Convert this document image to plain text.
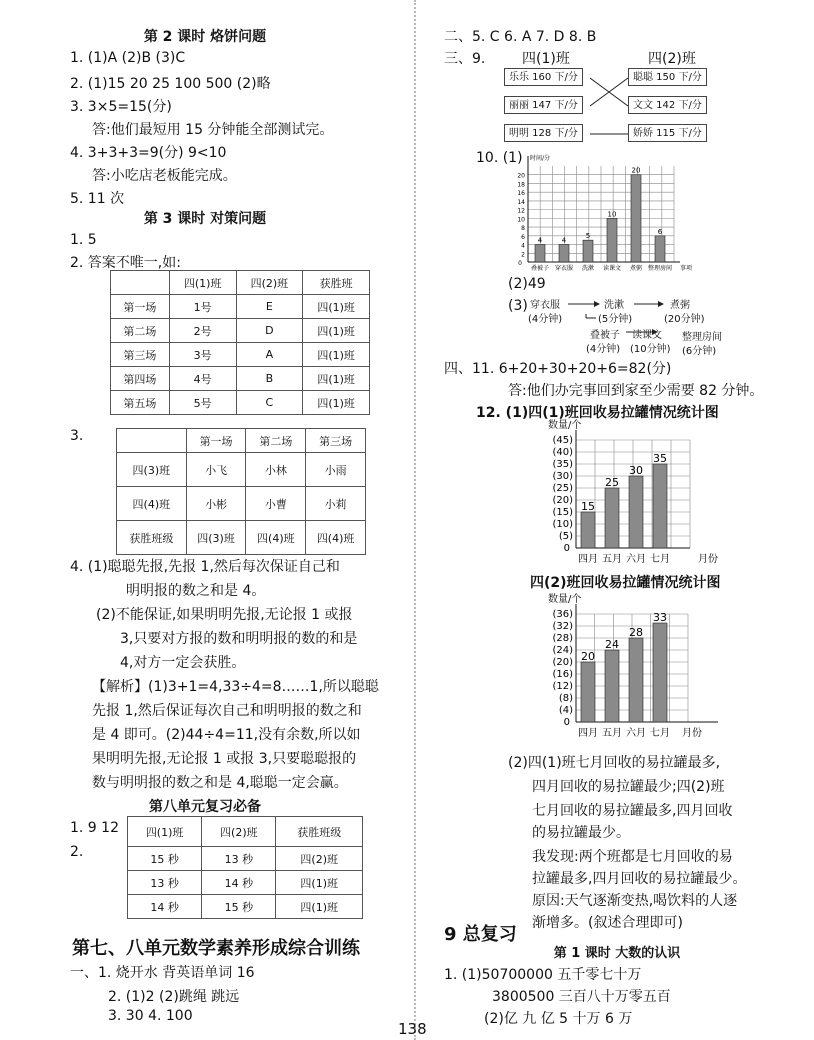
第 2 课时 烙饼问题
1. (1)A (2)B (3)C
2. (1)15 20 25 100 500 (2)略
3. 3×5=15(分)
答:他们最短用 15 分钟能全部测试完。
4. 3+3+3=9(分) 9<10
答:小吃店老板能完成。
5. 11 次
第 3 课时 对策问题
1. 5
2. 答案不唯一,如:
	四(1)班	四(2)班	获胜班
第一场	1号	E	四(1)班
第二场	2号	D	四(1)班
第三场	3号	A	四(1)班
第四场	4号	B	四(1)班
第五场	5号	C	四(1)班
3.
		第一场	第二场	第三场
四(3)班	小飞	小林	小雨
四(4)班	小彬	小曹	小莉
获胜班级	四(3)班	四(4)班	四(4)班
4. (1)聪聪先报,先报 1,然后每次保证自己和
明明报的数之和是 4。
(2)不能保证,如果明明先报,无论报 1 或报
3,只要对方报的数和明明报的数的和是
4,对方一定会获胜。
【解析】(1)3+1=4,33÷4=8……1,所以聪聪
先报 1,然后保证每次自己和明明报的数之和
是 4 即可。(2)44÷4=11,没有余数,所以如
果明明先报,无论报 1 或报 3,只要聪聪报的
数与明明报的数之和是 4,聪聪一定会赢。
第八单元复习必备
1. 9 12
2.
四(1)班	四(2)班	获胜班级
15 秒	13 秒	四(2)班
13 秒	14 秒	四(1)班
14 秒	15 秒	四(1)班
第七、八单元数学素养形成综合训练
一、1. 烧开水 背英语单词 16
2. (1)2 (2)跳绳 跳远
3. 30 4. 100
138
二、5. C 6. A 7. D 8. B
三、9.	四(1)班	四(2)班
乐乐 160 下/分
丽丽 147 下/分
明明 128 下/分
聪聪 150 下/分
文文 142 下/分
娇娇 115 下/分
10. (1)
2
4
6
8
10
12
14
16
18
20
0
时间/分
4
叠被子
4
穿衣服
5
洗漱
10
读课文
20
煮粥
6
整理房间 事项
(2)49
(3) 穿衣服
(4分钟)
洗漱
(5分钟)
煮粥
(20分钟)
叠被子
(4分钟)
读课文
(10分钟)
整理房间
(6分钟)
四、11. 6+20+30+20+6=82(分)
答:他们办完事回到家至少需要 82 分钟。
12. (1)四(1)班回收易拉罐情况统计图
(5)
(10)
(15)
(20)
(25)
(30)
(35)
(40)
(45)
0
数量/个
15
四月
25
五月
30
六月
35
七月	月份
四(2)班回收易拉罐情况统计图
(4)
(8)
(12)
(16)
(20)
(24)
(28)
(32)
(36)
0
数量/个
20
四月
24
五月
28
六月
33
七月 月份
(2)四(1)班七月回收的易拉罐最多,
四月回收的易拉罐最少;四(2)班
七月回收的易拉罐最多,四月回收
的易拉罐最少。
我发现:两个班都是七月回收的易
拉罐最多,四月回收的易拉罐最少。
原因:天气逐渐变热,喝饮料的人逐
渐增多。(叙述合理即可)
9 总复习
第 1 课时 大数的认识
1. (1)50700000 五千零七十万
3800500 三百八十万零五百
(2)亿 九 亿 5 十万 6 万
